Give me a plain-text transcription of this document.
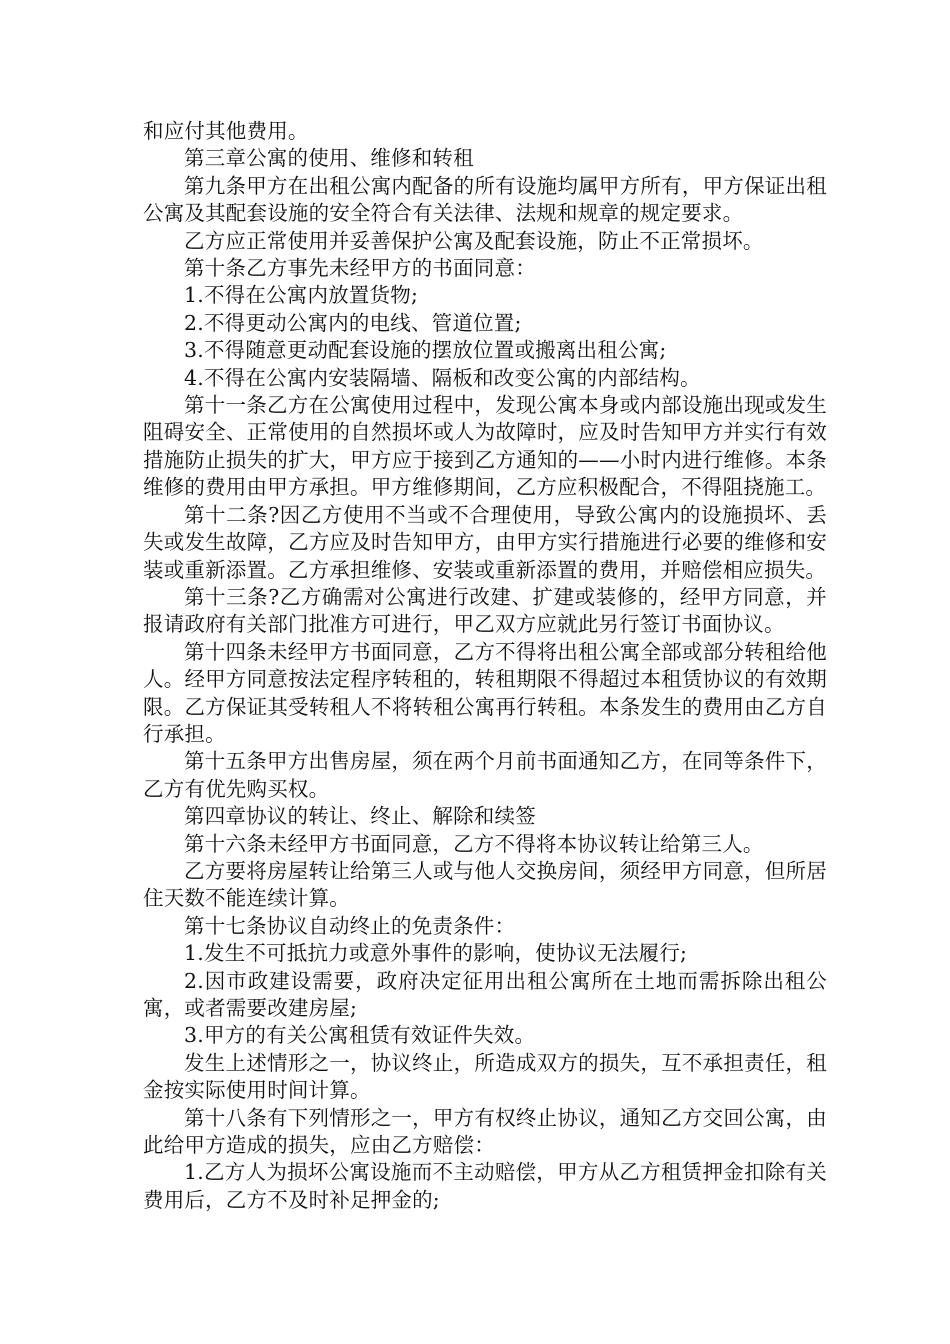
和应付其他费用。

第三章公寓的使用、维修和转租

第九条甲方在出租公寓内配备的所有设施均属甲方所有，甲方保证出租公寓及其配套设施的安全符合有关法律、法规和规章的规定要求。

乙方应正常使用并妥善保护公寓及配套设施，防止不正常损坏。

第十条乙方事先未经甲方的书面同意：

1.不得在公寓内放置货物;

2.不得更动公寓内的电线、管道位置;

3.不得随意更动配套设施的摆放位置或搬离出租公寓;

4.不得在公寓内安装隔墙、隔板和改变公寓的内部结构。

第十一条乙方在公寓使用过程中，发现公寓本身或内部设施出现或发生阻碍安全、正常使用的自然损坏或人为故障时，应及时告知甲方并实行有效措施防止损失的扩大，甲方应于接到乙方通知的——小时内进行维修。本条维修的费用由甲方承担。甲方维修期间，乙方应积极配合，不得阻挠施工。

第十二条?因乙方使用不当或不合理使用，导致公寓内的设施损坏、丢失或发生故障，乙方应及时告知甲方，由甲方实行措施进行必要的维修和安装或重新添置。乙方承担维修、安装或重新添置的费用，并赔偿相应损失。

第十三条?乙方确需对公寓进行改建、扩建或装修的，经甲方同意，并报请政府有关部门批准方可进行，甲乙双方应就此另行签订书面协议。

第十四条未经甲方书面同意，乙方不得将出租公寓全部或部分转租给他人。经甲方同意按法定程序转租的，转租期限不得超过本租赁协议的有效期限。乙方保证其受转租人不将转租公寓再行转租。本条发生的费用由乙方自行承担。

第十五条甲方出售房屋，须在两个月前书面通知乙方，在同等条件下，乙方有优先购买权。

第四章协议的转让、终止、解除和续签

第十六条未经甲方书面同意，乙方不得将本协议转让给第三人。

乙方要将房屋转让给第三人或与他人交换房间，须经甲方同意，但所居住天数不能连续计算。

第十七条协议自动终止的免责条件：

1.发生不可抵抗力或意外事件的影响，使协议无法履行;

2.因市政建设需要，政府决定征用出租公寓所在土地而需拆除出租公寓，或者需要改建房屋;

3.甲方的有关公寓租赁有效证件失效。

发生上述情形之一，协议终止，所造成双方的损失，互不承担责任，租金按实际使用时间计算。

第十八条有下列情形之一，甲方有权终止协议，通知乙方交回公寓，由此给甲方造成的损失，应由乙方赔偿：

1.乙方人为损坏公寓设施而不主动赔偿，甲方从乙方租赁押金扣除有关费用后，乙方不及时补足押金的;
